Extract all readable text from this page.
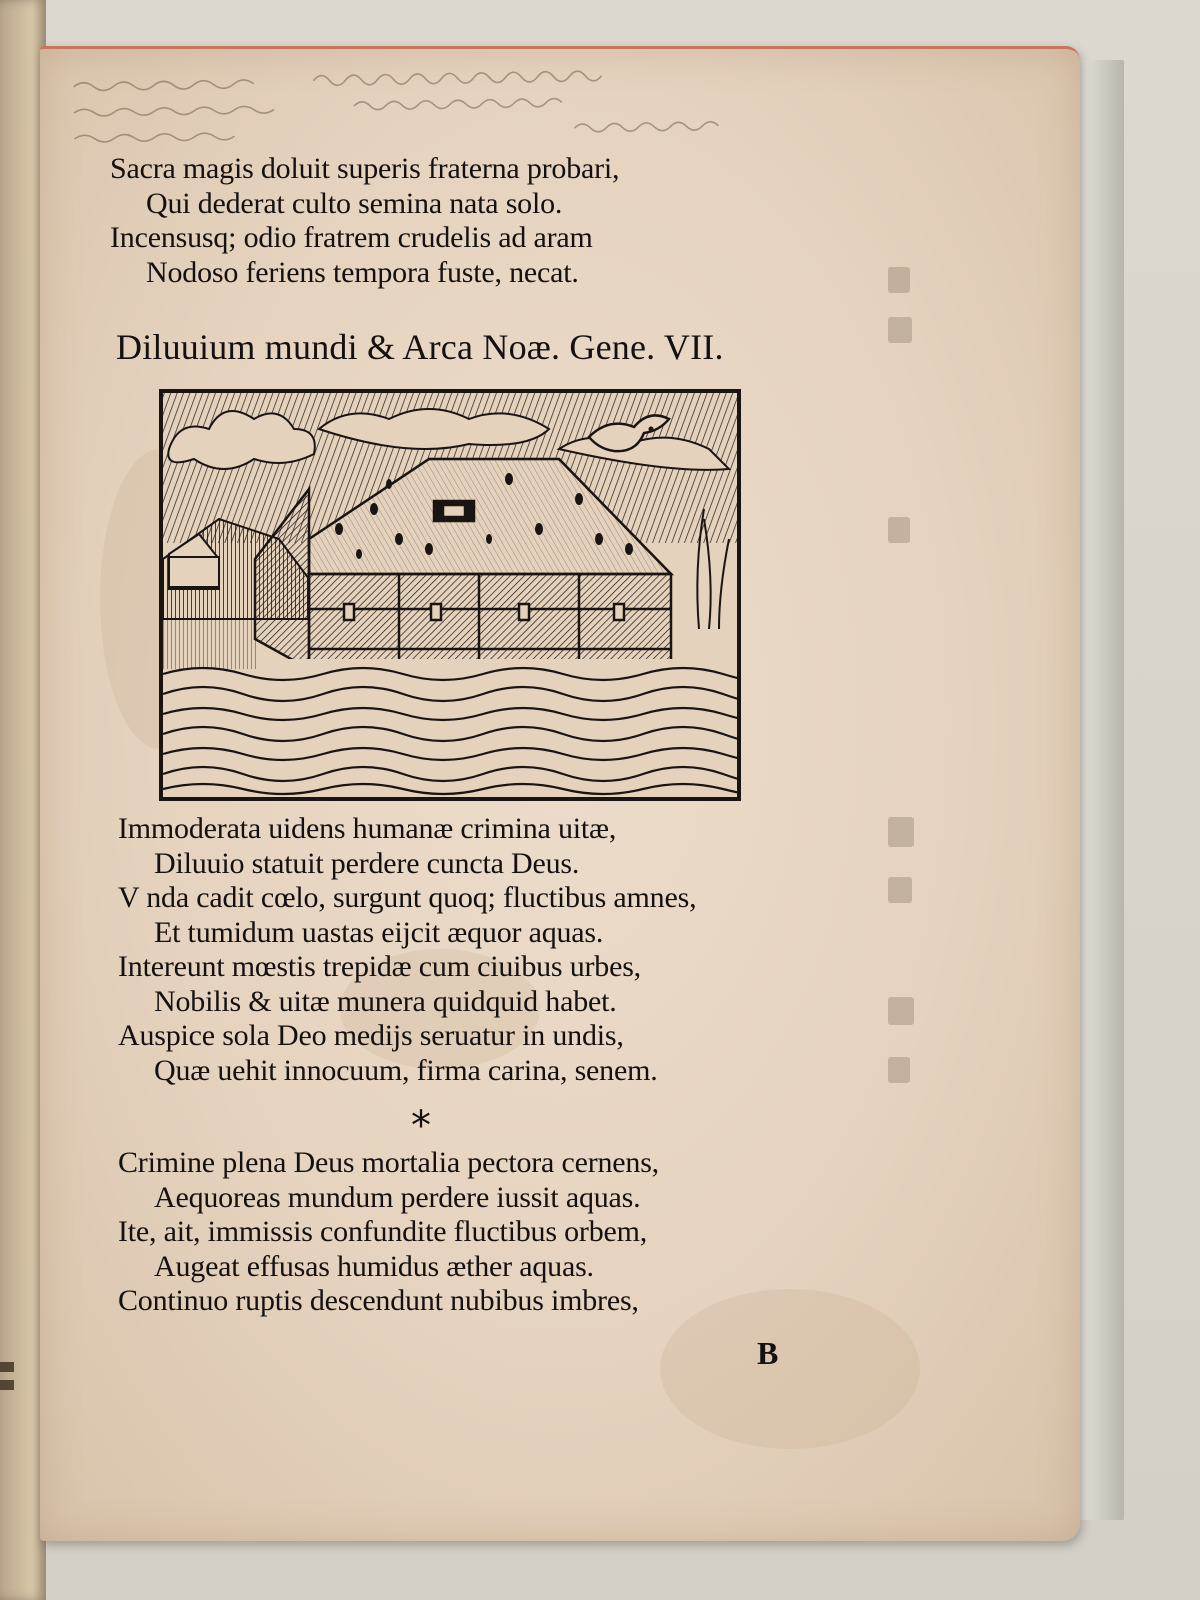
Sacra magis doluit superis fraterna probari,
Qui dederat culto semina nata solo.
Incensusq; odio fratrem crudelis ad aram
Nodoso feriens tempora fuste, necat.
Diluuium mundi & Arca Noæ. Gene. VII.
Immoderata uidens humanæ crimina uitæ,
Diluuio statuit perdere cuncta Deus.
V nda cadit cœlo, surgunt quoq; fluctibus amnes,
Et tumidum uastas eijcit æquor aquas.
Intereunt mœstis trepidæ cum ciuibus urbes,
Nobilis & uitæ munera quidquid habet.
Auspice sola Deo medijs seruatur in undis,
Quæ uehit innocuum, firma carina, senem.
*
Crimine plena Deus mortalia pectora cernens,
Aequoreas mundum perdere iussit aquas.
Ite, ait, immissis confundite fluctibus orbem,
Augeat effusas humidus æther aquas.
Continuo ruptis descendunt nubibus imbres,
B
